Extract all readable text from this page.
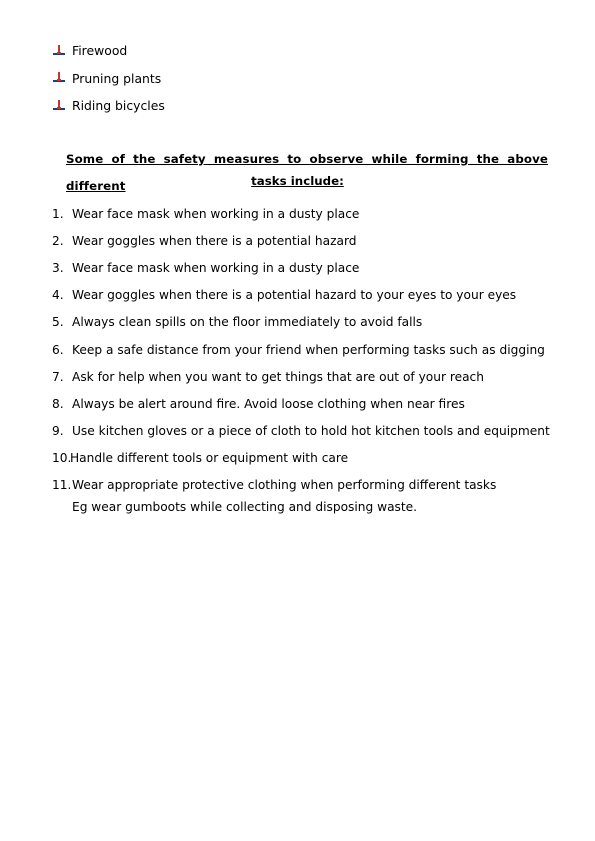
Firewood
Pruning plants
Riding bicycles
Some of the safety measures to observe while forming the above different	tasks include:
1. Wear face mask when working in a dusty place
2. Wear goggles when there is a potential hazard
3. Wear face mask when working in a dusty place
4. Wear goggles when there is a potential hazard to your eyes to your eyes
5. Always clean spills on the floor immediately to avoid falls
6. Keep a safe distance from your friend when performing tasks such as digging
7. Ask for help when you want to get things that are out of your reach
8. Always be alert around fire. Avoid loose clothing when near fires
9. Use kitchen gloves or a piece of cloth to hold hot kitchen tools and equipment
10.
Handle different tools or equipment with care
11. Wear appropriate protective clothing when performing different tasks
Eg wear gumboots while collecting and disposing waste.
